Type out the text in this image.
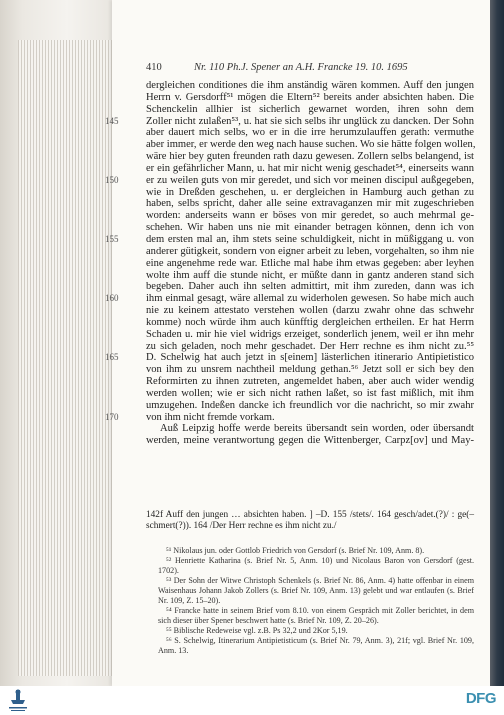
410	Nr. 110 Ph.J. Spener an A.H. Francke 19. 10. 1695
dergleichen conditiones die ihm anständig wären kommen. Auff den jungen
Herrn v. Gersdorff⁵¹ mögen die Eltern⁵² bereits ander absichten haben. Die
Schenckelin allhier ist sicherlich gewarnet worden, ihren sohn dem
Zoller nicht zulaßen⁵³, u. hat sie sich selbs ihr unglück zu dancken. Der Sohn
145
aber dauert mich selbs, wo er in die irre herumzulauffen gerath: vermuthe
aber immer, er werde den weg nach hause suchen. Wo sie hätte folgen wollen,
wäre hier bey guten freunden rath dazu gewesen. Zollern selbs belangend, ist
er ein gefährlicher Mann, u. hat mir nicht wenig geschadet⁵⁴, einerseits wann
er zu weilen guts von mir geredet, und sich vor meinen discipul außgegeben,
150
wie in Dreßden geschehen, u. er dergleichen in Hamburg auch gethan zu
haben, selbs spricht, daher alle seine extravaganzen mir mit zugeschrieben
worden: anderseits wann er böses von mir geredet, so auch mehrmal ge-
schehen. Wir haben uns nie mit einander betragen können, denn ich von
dem ersten mal an, ihm stets seine schuldigkeit, nicht in müßiggang u. von
155
anderer gütigkeit, sondern von eigner arbeit zu leben, vorgehalten, so ihm nie
eine angenehme rede war. Etliche mal habe ihm etwas gegeben: aber leyhen
wolte ihm auff die stunde nicht, er müßte dann in gantz anderen stand sich
begeben. Daher auch ihn selten admittirt, mit ihm zureden, dann was ich
ihm einmal gesagt, wäre allemal zu widerholen gewesen. So habe mich auch
160
nie zu keinem attestato verstehen wollen (darzu zwahr ohne das schwehr
komme) noch würde ihm auch künfftig dergleichen ertheilen. Er hat Herrn
Schaden u. mir hie viel widrigs erzeiget, sonderlich jenem, weil er ihn mehr
zu sich geladen, noch mehr geschadet. Der Herr rechne es ihm nicht zu.⁵⁵
D. Schelwig hat auch jetzt in s[einem] lästerlichen itinerario Antipietistico
165
von ihm zu unsrem nachtheil meldung gethan.⁵⁶ Jetzt soll er sich bey den
Reformirten zu ihnen zutreten, angemeldet haben, aber auch wider wendig
werden wollen; wie er sich nicht rathen laßet, so ist fast mißlich, mit ihm
umzugehen. Indeßen dancke ich freundlich vor die nachricht, so mir zwahr
von ihm nicht fremde vorkam.
170
Auß Leipzig hoffe werde bereits übersandt sein worden, oder übersandt
werden, meine verantwortung gegen die Wittenberger, Carpz[ov] und May-
142f Auff den jungen … absichten haben. ] –D. 155 /stets/. 164 gesch/adet.(?)/ : ge(–
schmert(?)). 164 /Der Herr rechne es ihm nicht zu./
⁵¹ Nikolaus jun. oder Gottlob Friedrich von Gersdorf (s. Brief Nr. 109, Anm. 8).
⁵² Henriette Katharina (s. Brief Nr. 5, Anm. 10) und Nicolaus Baron von Gersdorf (gest.
1702).
⁵³ Der Sohn der Witwe Christoph Schenkels (s. Brief Nr. 86, Anm. 4) hatte offenbar in einem
Waisenhaus Johann Jakob Zollers (s. Brief Nr. 109, Anm. 13) gelebt und war entlaufen (s. Brief
Nr. 109, Z. 15–20).
⁵⁴ Francke hatte in seinem Brief vom 8.10. von einem Gespräch mit Zoller berichtet, in dem
sich dieser über Spener beschwert hatte (s. Brief Nr. 109, Z. 20–26).
⁵⁵ Biblische Redeweise vgl. z.B. Ps 32,2 und 2Kor 5,19.
⁵⁶ S. Schelwig, Itinerarium Antipietisticum (s. Brief Nr. 79, Anm. 3), 21f; vgl. Brief Nr. 109,
Anm. 13.
DFG
